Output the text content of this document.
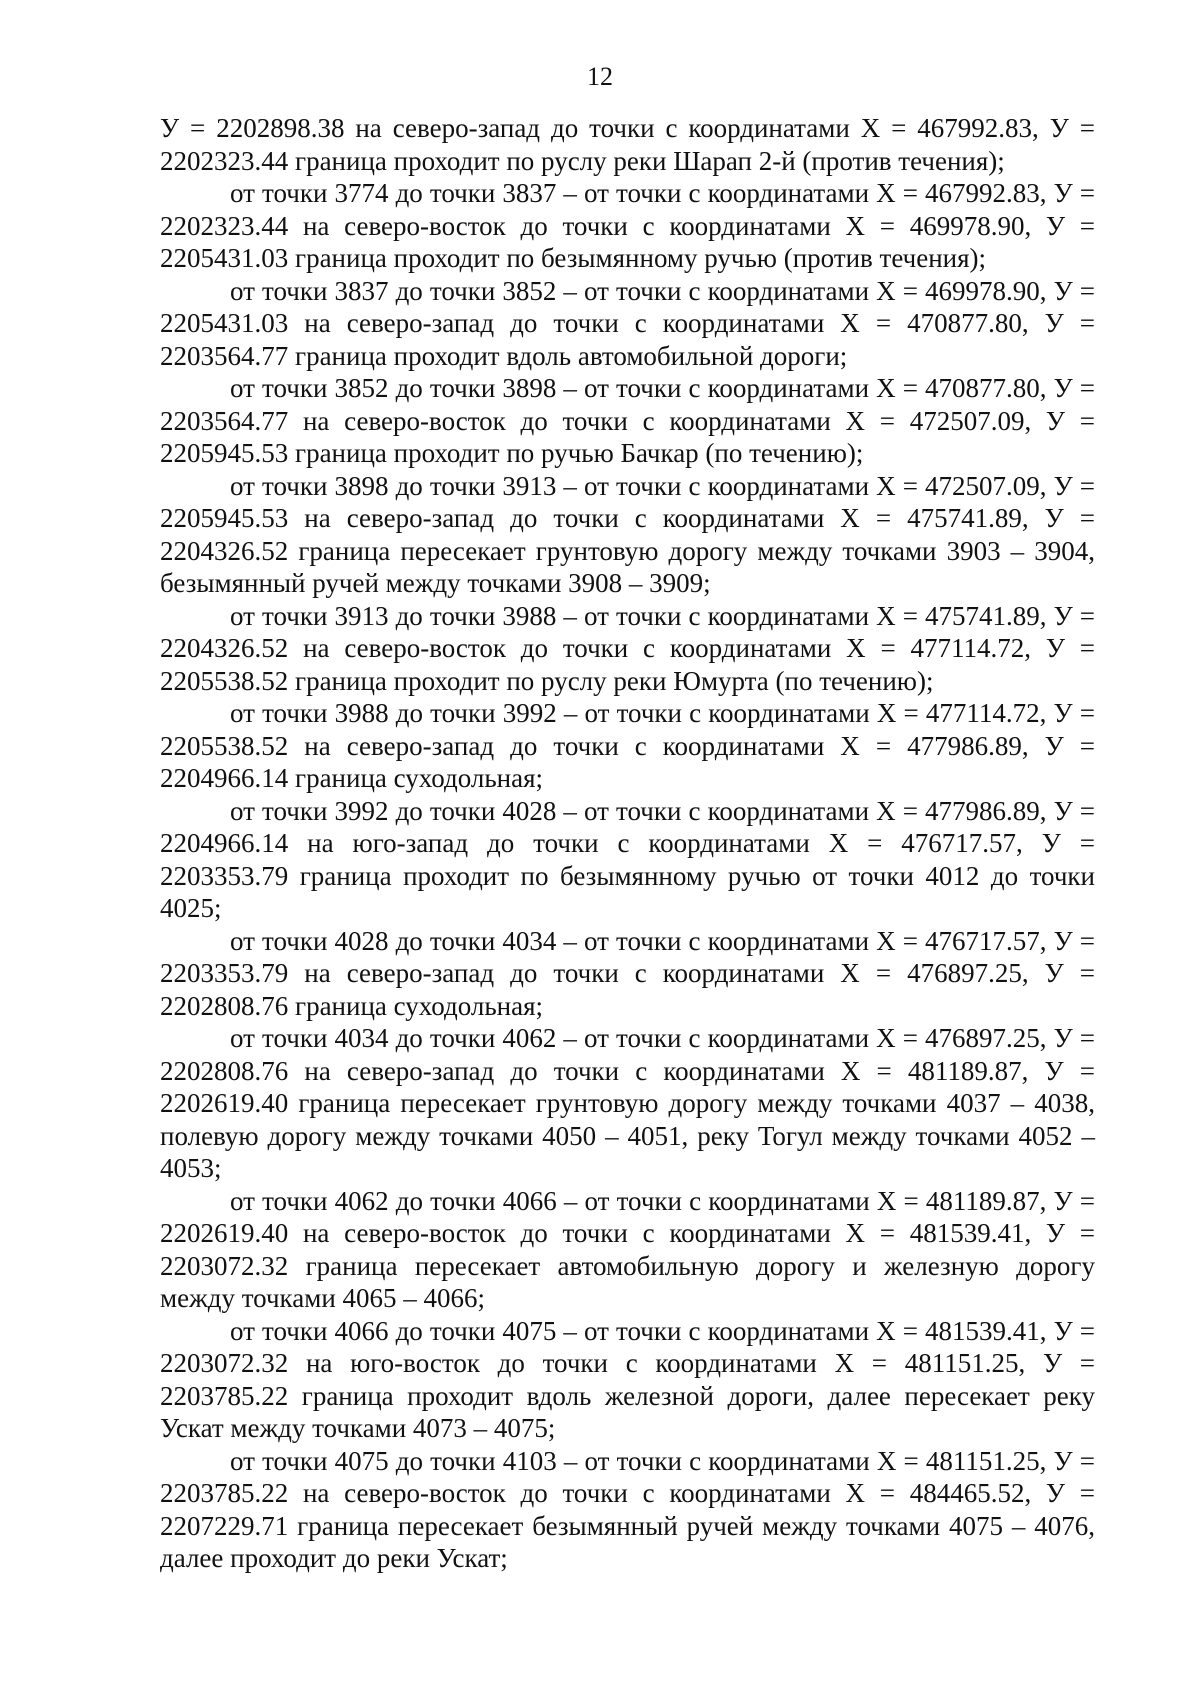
12

У = 2202898.38 на северо-запад до точки с координатами Х = 467992.83, У = 2202323.44 граница проходит по руслу реки Шарап 2-й (против течения);

от точки 3774 до точки 3837 – от точки с координатами Х = 467992.83, У = 2202323.44 на северо-восток до точки с координатами Х = 469978.90, У = 2205431.03 граница проходит по безымянному ручью (против течения);

от точки 3837 до точки 3852 – от точки с координатами Х = 469978.90, У = 2205431.03 на северо-запад до точки с координатами Х = 470877.80, У = 2203564.77 граница проходит вдоль автомобильной дороги;

от точки 3852 до точки 3898 – от точки с координатами Х = 470877.80, У = 2203564.77 на северо-восток до точки с координатами Х = 472507.09, У = 2205945.53 граница проходит по ручью Бачкар (по течению);

от точки 3898 до точки 3913 – от точки с координатами Х = 472507.09, У = 2205945.53 на северо-запад до точки с координатами Х = 475741.89, У = 2204326.52 граница пересекает грунтовую дорогу между точками 3903 – 3904, безымянный ручей между точками 3908 – 3909;

от точки 3913 до точки 3988 – от точки с координатами Х = 475741.89, У = 2204326.52 на северо-восток до точки с координатами Х = 477114.72, У = 2205538.52 граница проходит по руслу реки Юмурта (по течению);

от точки 3988 до точки 3992 – от точки с координатами Х = 477114.72, У = 2205538.52 на северо-запад до точки с координатами Х = 477986.89, У = 2204966.14 граница суходольная;

от точки 3992 до точки 4028 – от точки с координатами Х = 477986.89, У = 2204966.14 на юго-запад до точки с координатами Х = 476717.57, У = 2203353.79 граница проходит по безымянному ручью от точки 4012 до точки 4025;

от точки 4028 до точки 4034 – от точки с координатами Х = 476717.57, У = 2203353.79 на северо-запад до точки с координатами Х = 476897.25, У = 2202808.76 граница суходольная;

от точки 4034 до точки 4062 – от точки с координатами Х = 476897.25, У = 2202808.76 на северо-запад до точки с координатами Х = 481189.87, У = 2202619.40 граница пересекает грунтовую дорогу между точками 4037 – 4038, полевую дорогу между точками 4050 – 4051, реку Тогул между точками 4052 – 4053;

от точки 4062 до точки 4066 – от точки с координатами Х = 481189.87, У = 2202619.40 на северо-восток до точки с координатами Х = 481539.41, У = 2203072.32 граница пересекает автомобильную дорогу и железную дорогу между точками 4065 – 4066;

от точки 4066 до точки 4075 – от точки с координатами Х = 481539.41, У = 2203072.32 на юго-восток до точки с координатами Х = 481151.25, У = 2203785.22 граница проходит вдоль железной дороги, далее пересекает реку Ускат между точками 4073 – 4075;

от точки 4075 до точки 4103 – от точки с координатами Х = 481151.25, У = 2203785.22 на северо-восток до точки с координатами Х = 484465.52, У = 2207229.71 граница пересекает безымянный ручей между точками 4075 – 4076, далее проходит до реки Ускат;
